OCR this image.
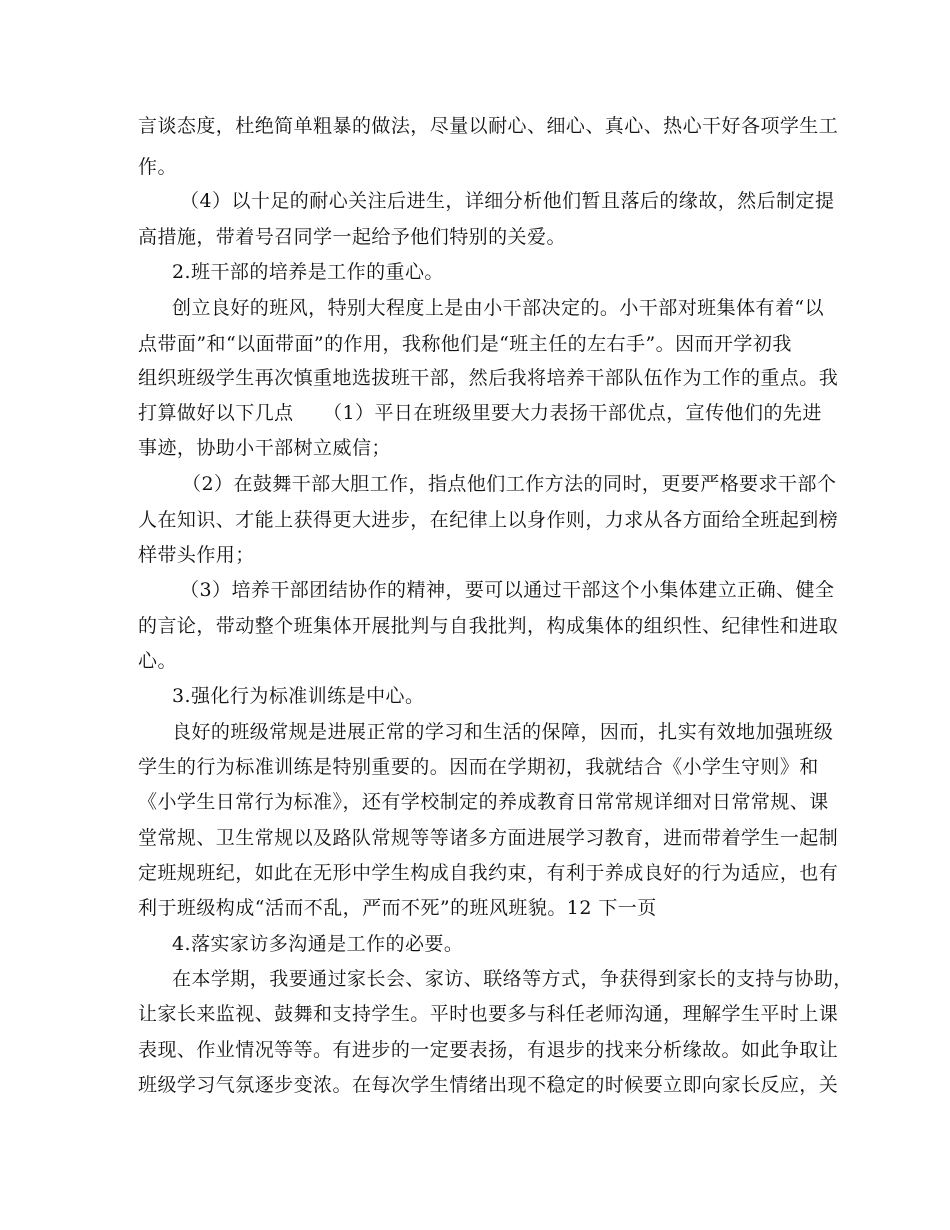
言谈态度，杜绝简单粗暴的做法，尽量以耐心、细心、真心、热心干好各项学生工
作。
（4）以十足的耐心关注后进生，详细分析他们暂且落后的缘故，然后制定提
高措施，带着号召同学一起给予他们特别的关爱。
2.班干部的培养是工作的重心。
创立良好的班风，特别大程度上是由小干部决定的。小干部对班集体有着“以
点带面”和“以面带面”的作用，我称他们是“班主任的左右手”。因而开学初我
组织班级学生再次慎重地选拔班干部，然后我将培养干部队伍作为工作的重点。我
打算做好以下几点　　（1）平日在班级里要大力表扬干部优点，宣传他们的先进
事迹，协助小干部树立威信；
（2）在鼓舞干部大胆工作，指点他们工作方法的同时，更要严格要求干部个
人在知识、才能上获得更大进步，在纪律上以身作则，力求从各方面给全班起到榜
样带头作用；
（3）培养干部团结协作的精神，要可以通过干部这个小集体建立正确、健全
的言论，带动整个班集体开展批判与自我批判，构成集体的组织性、纪律性和进取
心。
3.强化行为标准训练是中心。
良好的班级常规是进展正常的学习和生活的保障，因而，扎实有效地加强班级
学生的行为标准训练是特别重要的。因而在学期初，我就结合《小学生守则》和
《小学生日常行为标准》，还有学校制定的养成教育日常常规详细对日常常规、课
堂常规、卫生常规以及路队常规等等诸多方面进展学习教育，进而带着学生一起制
定班规班纪，如此在无形中学生构成自我约束，有利于养成良好的行为适应，也有
利于班级构成“活而不乱，严而不死”的班风班貌。12 下一页
4.落实家访多沟通是工作的必要。
在本学期，我要通过家长会、家访、联络等方式，争获得到家长的支持与协助，
让家长来监视、鼓舞和支持学生。平时也要多与科任老师沟通，理解学生平时上课
表现、作业情况等等。有进步的一定要表扬，有退步的找来分析缘故。如此争取让
班级学习气氛逐步变浓。在每次学生情绪出现不稳定的时候要立即向家长反应，关
